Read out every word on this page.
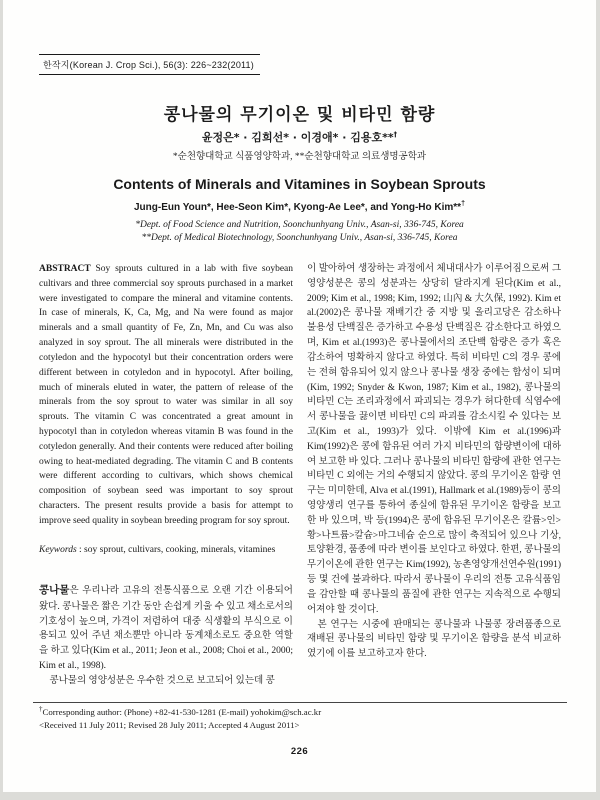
한작지(Korean J. Crop Sci.), 56(3): 226~232(2011)
콩나물의 무기이온 및 비타민 함량
윤정은* · 김희선* · 이경애* · 김용호**†
*순천향대학교 식품영양학과, **순천향대학교 의료생명공학과
Contents of Minerals and Vitamines in Soybean Sprouts
Jung-Eun Youn*, Hee-Seon Kim*, Kyong-Ae Lee*, and Yong-Ho Kim**†
*Dept. of Food Science and Nutrition, Soonchunhyang Univ., Asan-si, 336-745, Korea
**Dept. of Medical Biotechnology, Soonchunhyang Univ., Asan-si, 336-745, Korea

ABSTRACT Soy sprouts cultured in a lab with five soybean cultivars and three commercial soy sprouts purchased in a market were investigated to compare the mineral and vitamine contents. In case of minerals, K, Ca, Mg, and Na were found as major minerals and a small quantity of Fe, Zn, Mn, and Cu was also analyzed in soy sprout. The all minerals were distributed in the cotyledon and the hypocotyl but their concentration orders were different between in cotyledon and in hypocotyl. After boiling, much of minerals eluted in water, the pattern of release of the minerals from the soy sprout to water was similar in all soy sprouts. The vitamin C was concentrated a great amount in hypocotyl than in cotyledon whereas vitamin B was found in the cotyledon generally. And their contents were reduced after boiling owing to heat-mediated degrading. The vitamin C and B contents were different according to cultivars, which shows chemical composition of soybean seed was important to soy sprout characters. The present results provide a basis for attempt to improve seed quality in soybean breeding program for soy sprout.

Keywords : soy sprout, cultivars, cooking, minerals, vitamines

콩나물은 우리나라 고유의 전통식품으로 오랜 기간 이용되어 왔다. 콩나물은 짧은 기간 동안 손쉽게 키울 수 있고 채소로서의 기호성이 높으며, 가격이 저렴하여 대중 식생활의 부식으로 이용되고 있어 주년 채소뿐만 아니라 동계채소로도 중요한 역할을 하고 있다(Kim et al., 2011; Jeon et al., 2008; Choi et al., 2000; Kim et al., 1998).

콩나물의 영양성분은 우수한 것으로 보고되어 있는데 콩

이 발아하여 생장하는 과정에서 체내대사가 이루어짐으로써 그 영양성분은 콩의 성분과는 상당히 달라지게 된다(Kim et al., 2009; Kim et al., 1998; Kim, 1992; 山內 & 大久保, 1992). Kim et al.(2002)은 콩나물 재배기간 중 지방 및 올리고당은 감소하나 불용성 단백질은 증가하고 수용성 단백질은 감소한다고 하였으며, Kim et al.(1993)은 콩나물에서의 조단백 함량은 증가 혹은 감소하여 명확하지 않다고 하였다. 특히 비타민 C의 경우 콩에는 전혀 함유되어 있지 않으나 콩나물 생장 중에는 합성이 되며(Kim, 1992; Snyder & Kwon, 1987; Kim et al., 1982), 콩나물의 비타민 C는 조리과정에서 파괴되는 경우가 허다한데 식염수에서 콩나물을 끓이면 비타민 C의 파괴를 감소시킬 수 있다는 보고(Kim et al., 1993)가 있다. 이밖에 Kim et al.(1996)과 Kim(1992)은 콩에 함유된 여러 가지 비타민의 함량변이에 대하여 보고한 바 있다. 그러나 콩나물의 비타민 함량에 관한 연구는 비타민 C 외에는 거의 수행되지 않았다. 콩의 무기이온 함량 연구는 미미한데, Alva et al.(1991), Hallmark et al.(1989)등이 콩의 영양생리 연구를 통하여 종실에 함유된 무기이온 함량을 보고한 바 있으며, 박 등(1994)은 콩에 함유된 무기이온은 칼륨>인>황>나트륨>칼슘>마그네슘 순으로 많이 축적되어 있으나 기상, 토양환경, 품종에 따라 변이를 보인다고 하였다. 한편, 콩나물의 무기이온에 관한 연구는 Kim(1992), 농촌영양개선연수원(1991) 등 몇 건에 불과하다. 따라서 콩나물이 우리의 전통 고유식품임을 감안할 때 콩나물의 품질에 관한 연구는 지속적으로 수행되어져야 할 것이다.

본 연구는 시중에 판매되는 콩나물과 나물콩 장려품종으로 재배된 콩나물의 비타민 함량 및 무기이온 함량을 분석 비교하였기에 이를 보고하고자 한다.

†Corresponding author: (Phone) +82-41-530-1281 (E-mail) yohokim@sch.ac.kr
<Received 11 July 2011; Revised 28 July 2011; Accepted 4 August 2011>
226
